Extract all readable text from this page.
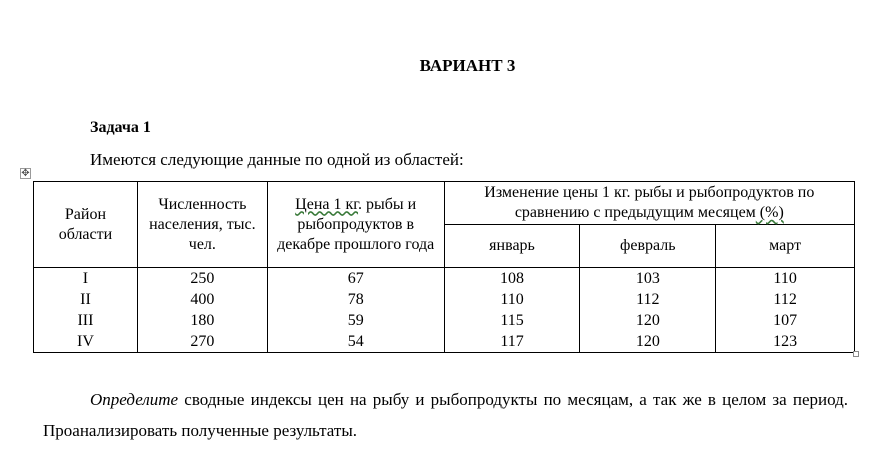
ВАРИАНТ 3
Задача 1
Имеются следующие данные по одной из областей:
✥
Район области	Численность населения, тыс. чел.	Цена 1 кг. рыбы и рыбопродуктов в декабре прошлого года	Изменение цены 1 кг. рыбы и рыбопродуктов по сравнению с предыдущим месяцем (%)		
			январь	февраль	март
I	250	67	108	103	110
II	400	78	110	112	112
III	180	59	115	120	107
IV	270	54	117	120	123
Определите сводные индексы цен на рыбу и рыбопродукты по месяцам, а так же в целом за период. Проанализировать полученные результаты.
